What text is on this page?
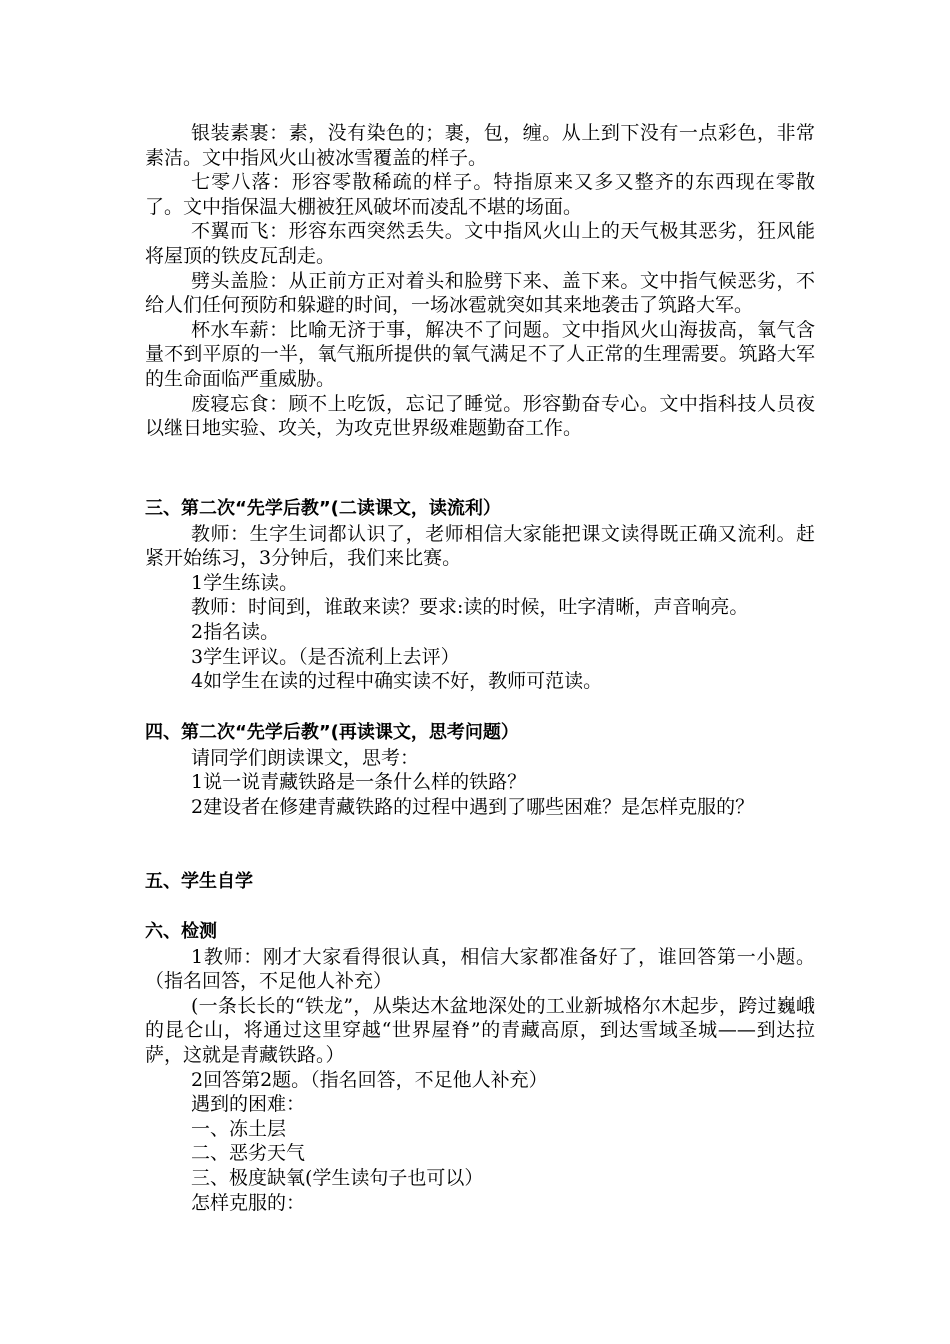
银装素裹：素，没有染色的；裹，包，缠。从上到下没有一点彩色，非常素洁。文中指风火山被冰雪覆盖的样子。

七零八落：形容零散稀疏的样子。特指原来又多又整齐的东西现在零散了。文中指保温大棚被狂风破坏而凌乱不堪的场面。

不翼而飞：形容东西突然丢失。文中指风火山上的天气极其恶劣，狂风能将屋顶的铁皮瓦刮走。

劈头盖脸：从正前方正对着头和脸劈下来、盖下来。文中指气候恶劣，不给人们任何预防和躲避的时间，一场冰雹就突如其来地袭击了筑路大军。

杯水车薪：比喻无济于事，解决不了问题。文中指风火山海拔高，氧气含量不到平原的一半，氧气瓶所提供的氧气满足不了人正常的生理需要。筑路大军的生命面临严重威胁。

废寝忘食：顾不上吃饭，忘记了睡觉。形容勤奋专心。文中指科技人员夜以继日地实验、攻关，为攻克世界级难题勤奋工作。

三、第二次“先学后教”(二读课文，读流利）

教师：生字生词都认识了，老师相信大家能把课文读得既正确又流利。赶紧开始练习，3分钟后，我们来比赛。

1学生练读。

教师：时间到，谁敢来读？要求:读的时候，吐字清晰，声音响亮。

2指名读。

3学生评议。（是否流利上去评）

4如学生在读的过程中确实读不好，教师可范读。

四、第二次“先学后教”(再读课文，思考问题）

请同学们朗读课文，思考：

1说一说青藏铁路是一条什么样的铁路？

2建设者在修建青藏铁路的过程中遇到了哪些困难？是怎样克服的？

五、学生自学

六、检测

1教师：刚才大家看得很认真，相信大家都准备好了，谁回答第一小题。（指名回答，不足他人补充）

(一条长长的“铁龙”，从柴达木盆地深处的工业新城格尔木起步，跨过巍峨的昆仑山，将通过这里穿越“世界屋脊”的青藏高原，到达雪域圣城——到达拉萨，这就是青藏铁路。）

2回答第2题。（指名回答，不足他人补充）

遇到的困难：

一、冻土层

二、恶劣天气

三、极度缺氧(学生读句子也可以）

怎样克服的：
